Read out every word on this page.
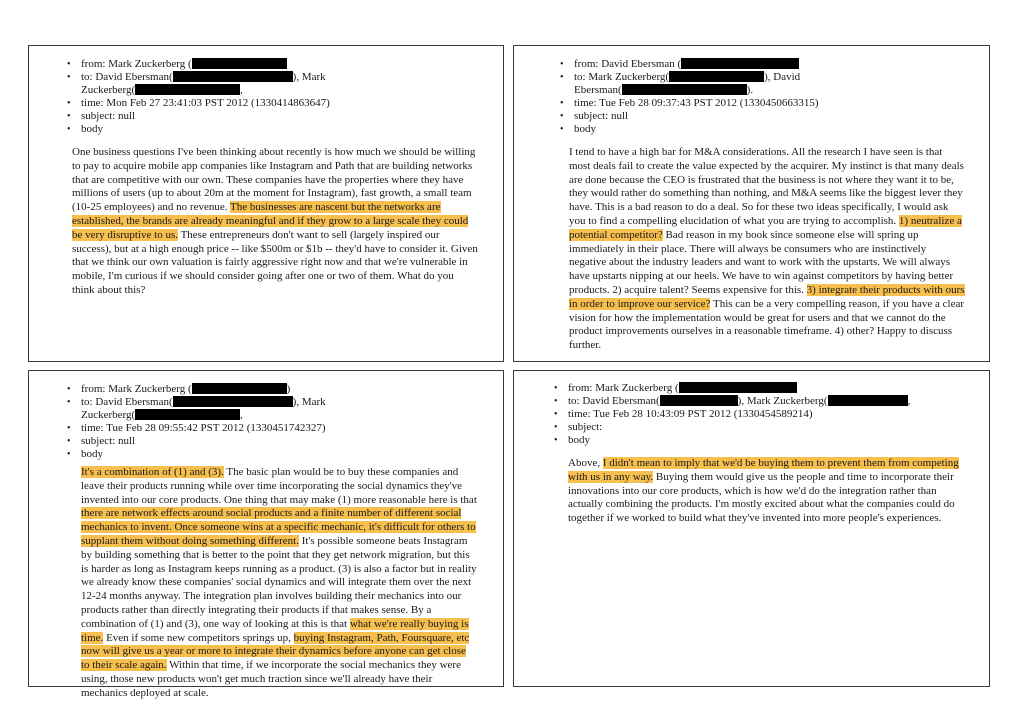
• from: Mark Zuckerberg (
• to: David Ebersman(	), Mark
Zuckerberg(	,
• time: Mon Feb 27 23:41:03 PST 2012 (1330414863647)
• subject: null
• body

One business questions I've been thinking about recently is how much we should be willing to pay to acquire mobile app companies like Instagram and Path that are building networks that are competitive with our own. These companies have the properties where they have millions of users (up to about 20m at the moment for Instagram), fast growth, a small team (10-25 employees) and no revenue. The businesses are nascent but the networks are established, the brands are already meaningful and if they grow to a large scale they could be very disruptive to us. These entrepreneurs don't want to sell (largely inspired our success), but at a high enough price -- like $500m or $1b -- they'd have to consider it. Given that we think our own valuation is fairly aggressive right now and that we're vulnerable in mobile, I'm curious if we should consider going after one or two of them. What do you think about this?

• from: David Ebersman (
• to: Mark Zuckerberg(	), David
Ebersman(	).
• time: Tue Feb 28 09:37:43 PST 2012 (1330450663315)
• subject: null
• body

I tend to have a high bar for M&A considerations. All the research I have seen is that most deals fail to create the value expected by the acquirer. My instinct is that many deals are done because the CEO is frustrated that the business is not where they want it to be, they would rather do something than nothing, and M&A seems like the biggest lever they have. This is a bad reason to do a deal. So for these two ideas specifically, I would ask you to find a compelling elucidation of what you are trying to accomplish. 1) neutralize a potential competitor? Bad reason in my book since someone else will spring up immediately in their place. There will always be consumers who are instinctively negative about the industry leaders and want to work with the upstarts. We will always have upstarts nipping at our heels. We have to win against competitors by having better products. 2) acquire talent? Seems expensive for this. 3) integrate their products with ours in order to improve our service? This can be a very compelling reason, if you have a clear vision for how the implementation would be great for users and that we cannot do the product improvements ourselves in a reasonable timeframe. 4) other? Happy to discuss further.

• from: Mark Zuckerberg (	)
• to: David Ebersman(	), Mark
Zuckerberg(	,
• time: Tue Feb 28 09:55:42 PST 2012 (1330451742327)
• subject: null
• body

It's a combination of (1) and (3). The basic plan would be to buy these companies and leave their products running while over time incorporating the social dynamics they've invented into our core products. One thing that may make (1) more reasonable here is that there are network effects around social products and a finite number of different social mechanics to invent. Once someone wins at a specific mechanic, it's difficult for others to supplant them without doing something different. It's possible someone beats Instagram by building something that is better to the point that they get network migration, but this is harder as long as Instagram keeps running as a product. (3) is also a factor but in reality we already know these companies' social dynamics and will integrate them over the next 12-24 months anyway. The integration plan involves building their mechanics into our products rather than directly integrating their products if that makes sense. By a combination of (1) and (3), one way of looking at this is that what we're really buying is time. Even if some new competitors springs up, buying Instagram, Path, Foursquare, etc now will give us a year or more to integrate their dynamics before anyone can get close to their scale again. Within that time, if we incorporate the social mechanics they were using, those new products won't get much traction since we'll already have their mechanics deployed at scale.

• from: Mark Zuckerberg (
• to: David Ebersman(	), Mark Zuckerberg(	,
• time: Tue Feb 28 10:43:09 PST 2012 (1330454589214)
• subject:
• body

Above, I didn't mean to imply that we'd be buying them to prevent them from competing with us in any way. Buying them would give us the people and time to incorporate their innovations into our core products, which is how we'd do the integration rather than actually combining the products. I'm mostly excited about what the companies could do together if we worked to build what they've invented into more people's experiences.
